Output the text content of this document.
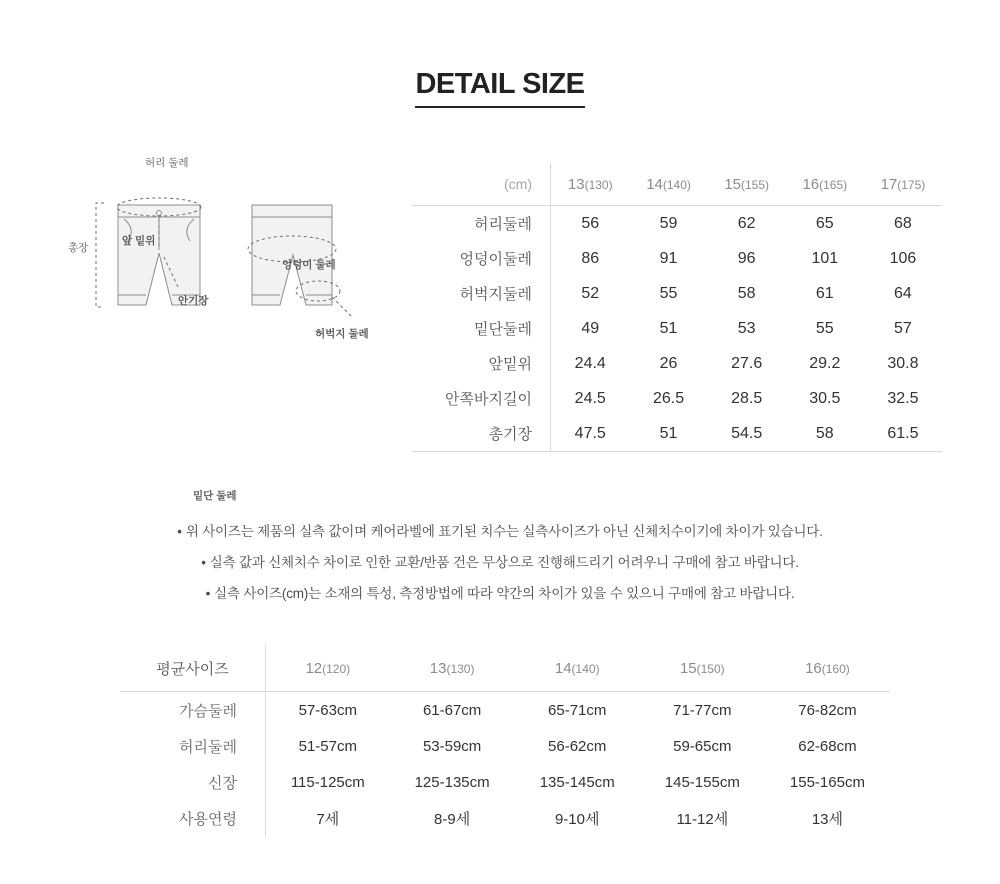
DETAIL SIZE
허리 둘레
총장
앞 밑위
안기장
엉덩이 둘레
허벅지 둘레
밑단 둘레
(cm)	13(130)	14(140)	15(155)	16(165)	17(175)
허리둘레	56	59	62	65	68
엉덩이둘레	86	91	96	101	106
허벅지둘레	52	55	58	61	64
밑단둘레	49	51	53	55	57
앞밑위	24.4	26	27.6	29.2	30.8
안쪽바지길이	24.5	26.5	28.5	30.5	32.5
총기장	47.5	51	54.5	58	61.5
• 위 사이즈는 제품의 실측 값이며 케어라벨에 표기된 치수는 실측사이즈가 아닌 신체치수이기에 차이가 있습니다.
• 실측 값과 신체치수 차이로 인한 교환/반품 건은 무상으로 진행해드리기 어려우니 구매에 참고 바랍니다.
• 실측 사이즈(cm)는 소재의 특성, 측정방법에 따라 약간의 차이가 있을 수 있으니 구매에 참고 바랍니다.
평균사이즈	12(120)	13(130)	14(140)	15(150)	16(160)
가슴둘레	57-63cm	61-67cm	65-71cm	71-77cm	76-82cm
허리둘레	51-57cm	53-59cm	56-62cm	59-65cm	62-68cm
신장	115-125cm	125-135cm	135-145cm	145-155cm	155-165cm
사용연령	7세	8-9세	9-10세	11-12세	13세
